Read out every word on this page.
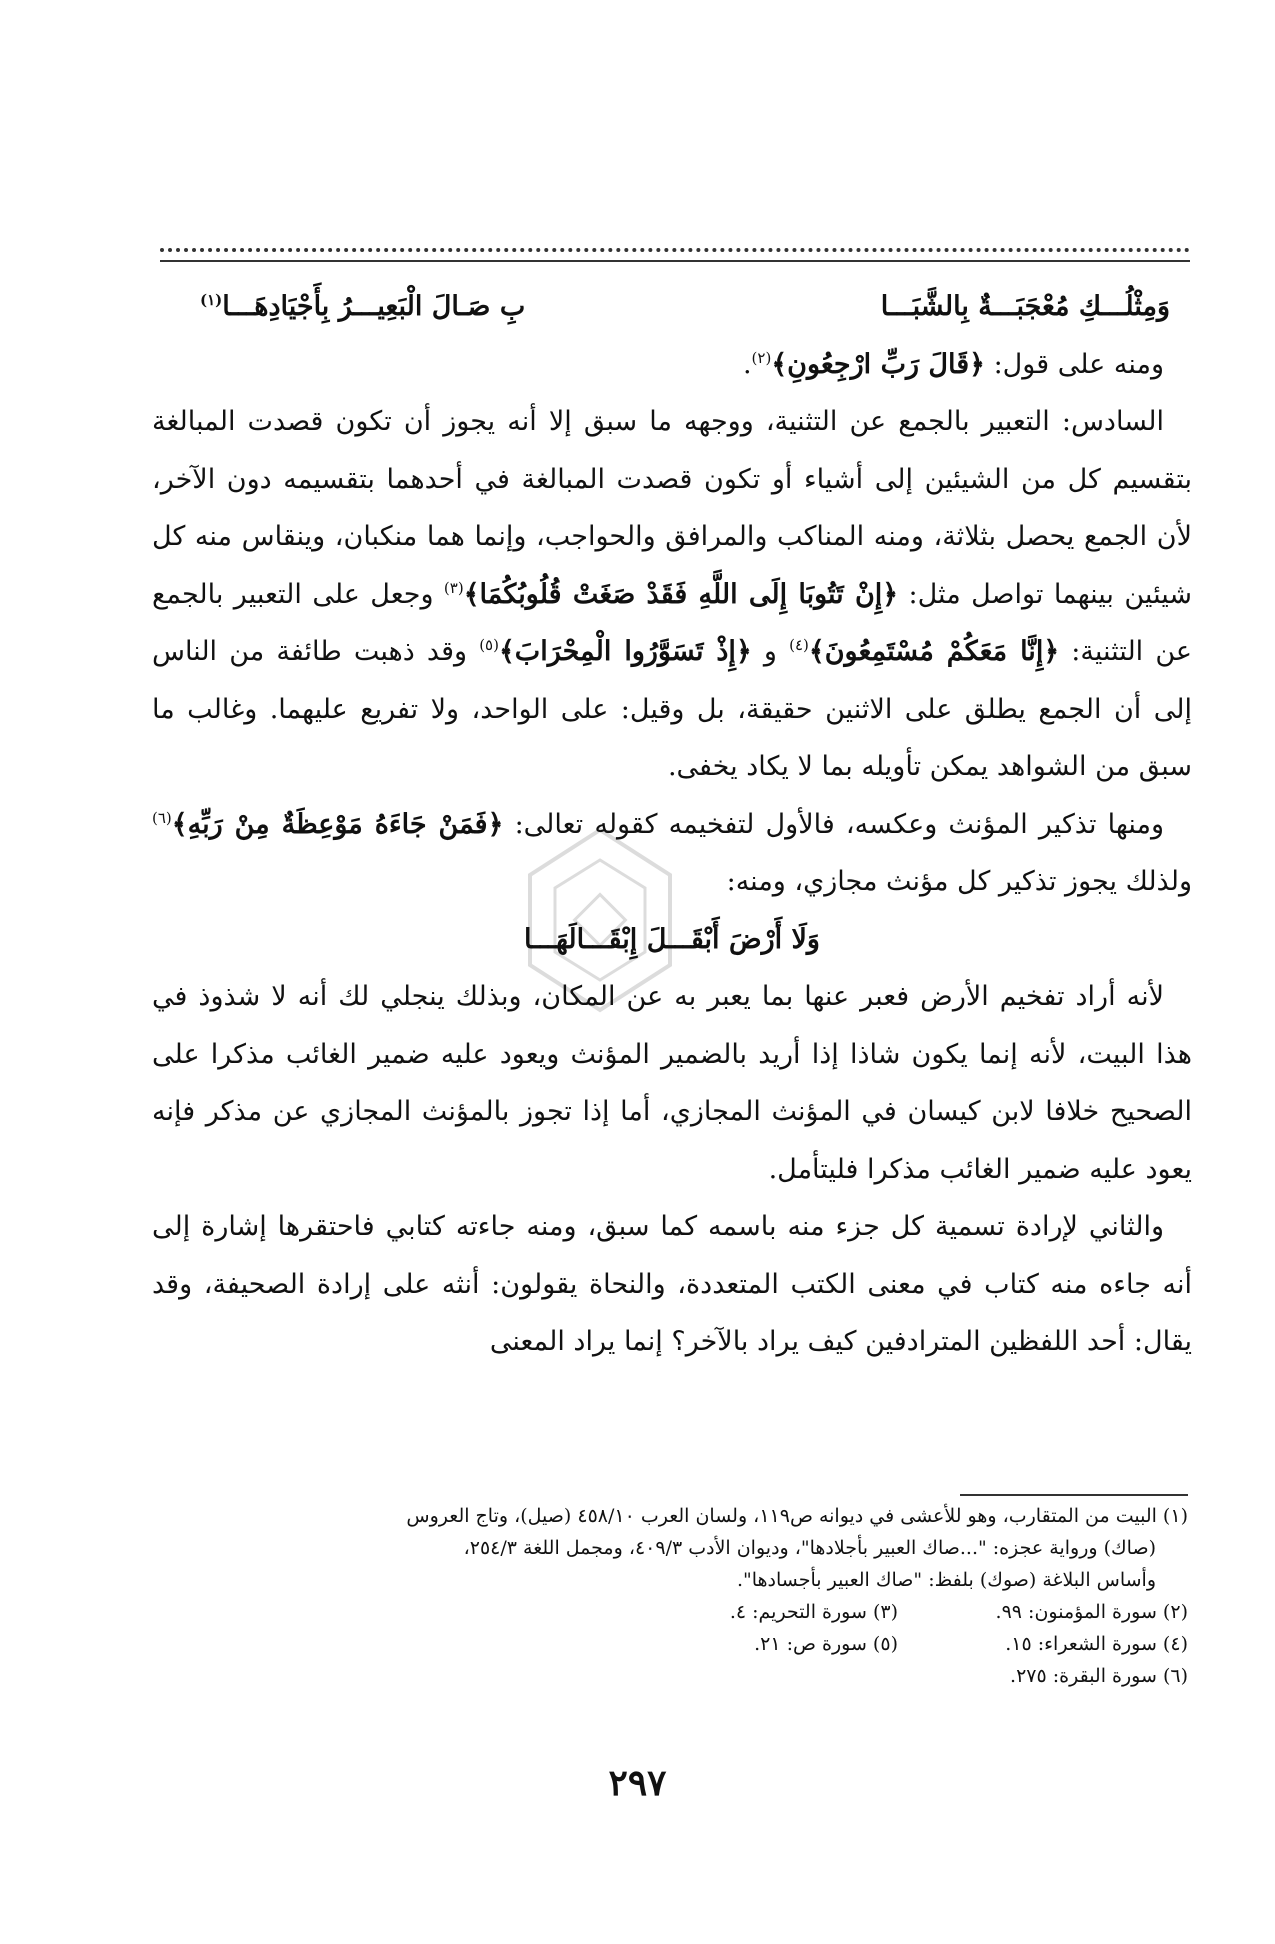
وَمِثْلُـــكِ مُعْجَبَـــةٌ بِالشَّبَـــا
بِ صَـالَ الْبَعِيـــرُ بِأَجْيَادِهَـــا$^{(١)}$

ومنه على قول: ﴿قَالَ رَبِّ ارْجِعُونِ﴾$^{(٢)}$.

السادس: التعبير بالجمع عن التثنية، ووجهه ما سبق إلا أنه يجوز أن تكون قصدت المبالغة بتقسيم كل من الشيئين إلى أشياء أو تكون قصدت المبالغة في أحدهما بتقسيمه دون الآخر، لأن الجمع يحصل بثلاثة، ومنه المناكب والمرافق والحواجب، وإنما هما منكبان، وينقاس منه كل شيئين بينهما تواصل مثل: ﴿إِنْ تَتُوبَا إِلَى اللَّهِ فَقَدْ صَغَتْ قُلُوبُكُمَا﴾$^{(٣)}$ وجعل على التعبير بالجمع عن التثنية: ﴿إِنَّا مَعَكُمْ مُسْتَمِعُونَ﴾$^{(٤)}$ و ﴿إِذْ تَسَوَّرُوا الْمِحْرَابَ﴾$^{(٥)}$ وقد ذهبت طائفة من الناس إلى أن الجمع يطلق على الاثنين حقيقة، بل وقيل: على الواحد، ولا تفريع عليهما. وغالب ما سبق من الشواهد يمكن تأويله بما لا يكاد يخفى.

ومنها تذكير المؤنث وعكسه، فالأول لتفخيمه كقوله تعالى: ﴿فَمَنْ جَاءَهُ مَوْعِظَةٌ مِنْ رَبِّهِ﴾$^{(٦)}$ ولذلك يجوز تذكير كل مؤنث مجازي، ومنه:

وَلَا أَرْضَ أَبْقَـــلَ إِبْقَـــالَهَـــا

لأنه أراد تفخيم الأرض فعبر عنها بما يعبر به عن المكان، وبذلك ينجلي لك أنه لا شذوذ في هذا البيت، لأنه إنما يكون شاذا إذا أريد بالضمير المؤنث ويعود عليه ضمير الغائب مذكرا على الصحيح خلافا لابن كيسان في المؤنث المجازي، أما إذا تجوز بالمؤنث المجازي عن مذكر فإنه يعود عليه ضمير الغائب مذكرا فليتأمل.

والثاني لإرادة تسمية كل جزء منه باسمه كما سبق، ومنه جاءته كتابي فاحتقرها إشارة إلى أنه جاءه منه كتاب في معنى الكتب المتعددة، والنحاة يقولون: أنثه على إرادة الصحيفة، وقد يقال: أحد اللفظين المترادفين كيف يراد بالآخر؟ إنما يراد المعنى

(١) البيت من المتقارب، وهو للأعشى في ديوانه ص١١٩، ولسان العرب ٤٥٨/١٠ (صيل)، وتاج العروس

(صاك) ورواية عجزه: "...صاك العبير بأجلادها"، وديوان الأدب ٤٠٩/٣، ومجمل اللغة ٢٥٤/٣،

وأساس البلاغة (صوك) بلفظ: "صاك العبير بأجسادها".

(٢) سورة المؤمنون: ٩٩.

(٣) سورة التحريم: ٤.

(٤) سورة الشعراء: ١٥.

(٥) سورة ص: ٢١.

(٦) سورة البقرة: ٢٧٥.

٢٩٧
